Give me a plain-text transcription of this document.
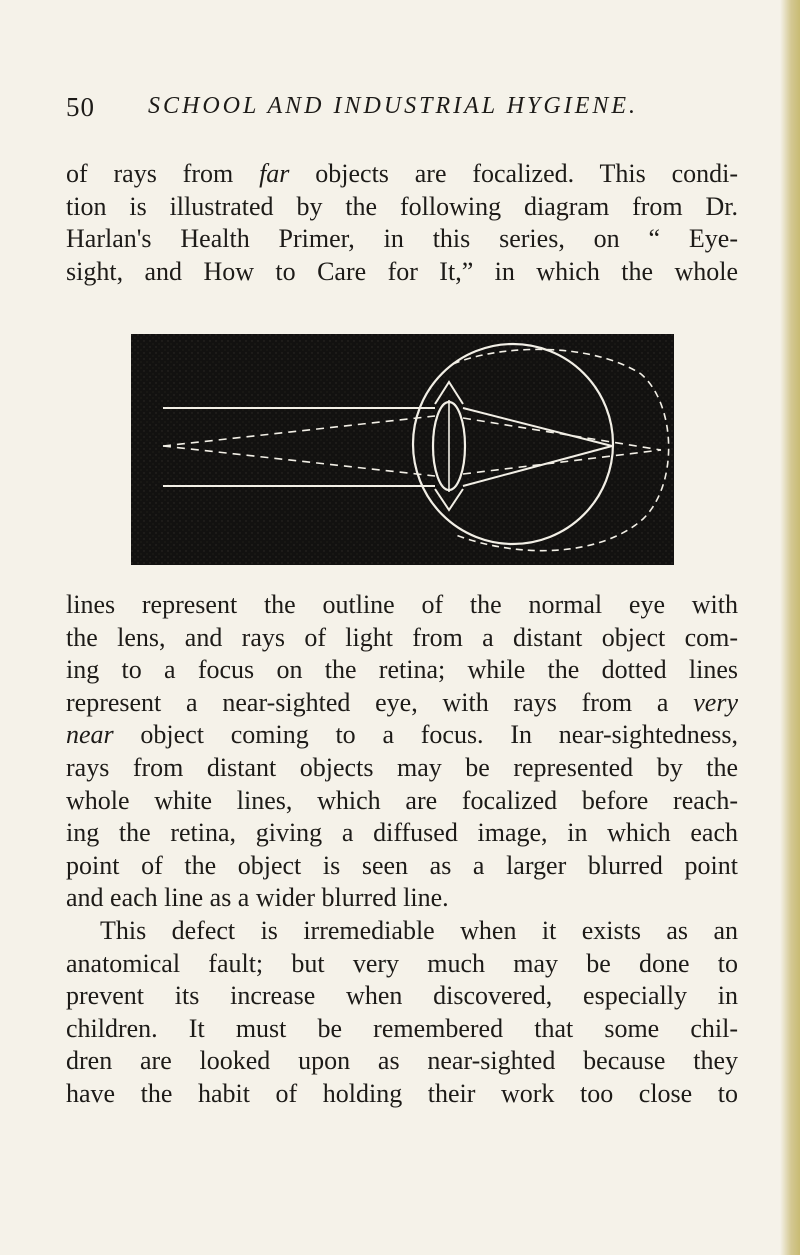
50 SCHOOL AND INDUSTRIAL HYGIENE.
of rays from far objects are focalized. This condi-
tion is illustrated by the following diagram from Dr.
Harlan's Health Primer, in this series, on “ Eye-
sight, and How to Care for It,” in which the whole
lines represent the outline of the normal eye with
the lens, and rays of light from a distant object com-
ing to a focus on the retina; while the dotted lines
represent a near-sighted eye, with rays from a very
near object coming to a focus. In near-sightedness,
rays from distant objects may be represented by the
whole white lines, which are focalized before reach-
ing the retina, giving a diffused image, in which each
point of the object is seen as a larger blurred point
and each line as a wider blurred line.
This defect is irremediable when it exists as an
anatomical fault; but very much may be done to
prevent its increase when discovered, especially in
children. It must be remembered that some chil-
dren are looked upon as near-sighted because they
have the habit of holding their work too close to
